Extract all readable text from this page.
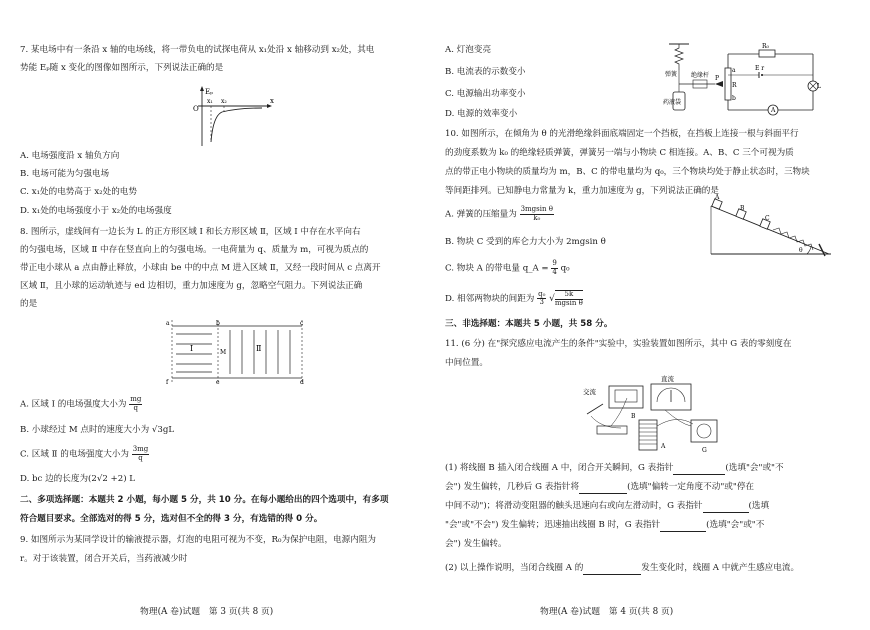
7. 某电场中有一条沿 x 轴的电场线，将一带负电的试探电荷从 x₁处沿 x 轴移动到 x₂处，其电
势能 Eₚ随 x 变化的图像如图所示，下列说法正确的是
Eₚ
O
x₁ x₂	x
A. 电场强度沿 x 轴负方向
B. 电场可能为匀强电场
C. x₁处的电势高于 x₂处的电势
D. x₁处的电场强度小于 x₂处的电场强度
8. 图所示，虚线间有一边长为 L 的正方形区域 Ⅰ 和长方形区域 Ⅱ，区域 Ⅰ 中存在水平向右
的匀强电场，区域 Ⅱ 中存在竖直向上的匀强电场。一电荷量为 q、质量为 m，可视为质点的
带正电小球从 a 点由静止释放，小球由 be 中的中点 M 进入区域 Ⅱ，又经一段时间从 c 点离开
区域 Ⅱ，且小球的运动轨迹与 ed 边相切，重力加速度为 g，忽略空气阻力。下列说法正确
的是
a	b	c
d
e
f
M
Ⅰ	Ⅱ
A. 区域 Ⅰ 的电场强度大小为 $\frac{mg}{q}$
B. 小球经过 M 点时的速度大小为 √3gL
C. 区域 Ⅱ 的电场强度大小为 $\frac{3mg}{q}$
D. bc 边的长度为(2√2 +2) L
二、多项选择题：本题共 2 小题，每小题 5 分，共 10 分。在每小题给出的四个选项中，有多项
符合题目要求。全部选对的得 5 分，选对但不全的得 3 分，有选错的得 0 分。
9. 如图所示为某同学设计的输液提示器，灯泡的电阻可视为不变，R₀为保护电阻，电源内阻为
r。对于该装置，闭合开关后，当药液减少时
物理(A 卷)试题　第 3 页(共 8 页)
A. 灯泡变亮
B. 电流表的示数变小
C. 电源输出功率变小
D. 电源的效率变小
弹簧 绝缘杆
药液袋
R₀
L
P
a
b
R
E r
A
10. 如图所示，在倾角为 θ 的光滑绝缘斜面底端固定一个挡板，在挡板上连接一根与斜面平行
的劲度系数为 k₀ 的绝缘轻质弹簧，弹簧另一端与小物块 C 相连接。A、B、C 三个可视为质
点的带正电小物块的质量均为 m，B、C 的带电量均为 q₀，三个物块均处于静止状态时，三物块
等间距排列。已知静电力常量为 k，重力加速度为 g，下列说法正确的是
A. 弹簧的压缩量为 $\frac{\text{3mgsin θ}}{\text{k₀}}$
B. 物块 C 受到的库仑力大小为 2mgsin θ
C. 物块 A 的带电量 q_A = $\frac{9}{4} q_0$
D. 相邻两物块的间距为 $\frac{\text{q₀}}{3}$ √ $\frac{5k}{\text{mgsin θ}}$
A
B
C
θ
三、非选择题：本题共 5 小题，共 58 分。
11. (6 分) 在"探究感应电流产生的条件"实验中，实验装置如图所示，其中 G 表的零刻度在
中间位置。
交流
直流
A
B
G
(1) 将线圈 B 插入闭合线圈 A 中，闭合开关瞬间，G 表指针	(选填"会"或"不
会") 发生偏转，几秒后 G 表指针将	(选填"偏转一定角度不动"或"停在
中间不动")；将滑动变阻器的触头迅速向右或向左滑动时，G 表指针	(选填
"会"或"不会") 发生偏转；迅速抽出线圈 B 时，G 表指针	(选填"会"或"不
会") 发生偏转。
(2) 以上操作说明，当闭合线圈 A 的	发生变化时，线圈 A 中就产生感应电流。
物理(A 卷)试题　第 4 页(共 8 页)
